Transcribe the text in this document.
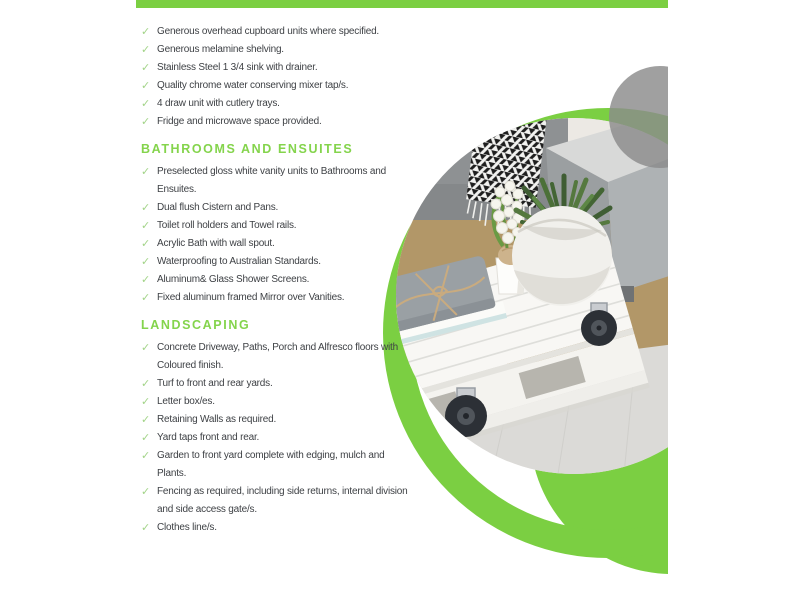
✓ Generous overhead cupboard units where specified.
✓ Generous melamine shelving.
✓ Stainless Steel 1 3/4 sink with drainer.
✓ Quality chrome water conserving mixer tap/s.
✓ 4 draw unit with cutlery trays.
✓ Fridge and microwave space provided.
BATHROOMS AND ENSUITES
✓ Preselected gloss white vanity units to Bathrooms and
Ensuites.
✓ Dual flush Cistern and Pans.
✓ Toilet roll holders and Towel rails.
✓ Acrylic Bath with wall spout.
✓ Waterproofing to Australian Standards.
✓ Aluminum& Glass Shower Screens.
✓ Fixed aluminum framed Mirror over Vanities.
LANDSCAPING
✓ Concrete Driveway, Paths, Porch and Alfresco floors with
Coloured finish.
✓ Turf to front and rear yards.
✓ Letter box/es.
✓ Retaining Walls as required.
✓ Yard taps front and rear.
✓ Garden to front yard complete with edging, mulch and
Plants.
✓ Fencing as required, including side returns, internal division
and side access gate/s.
✓ Clothes line/s.
